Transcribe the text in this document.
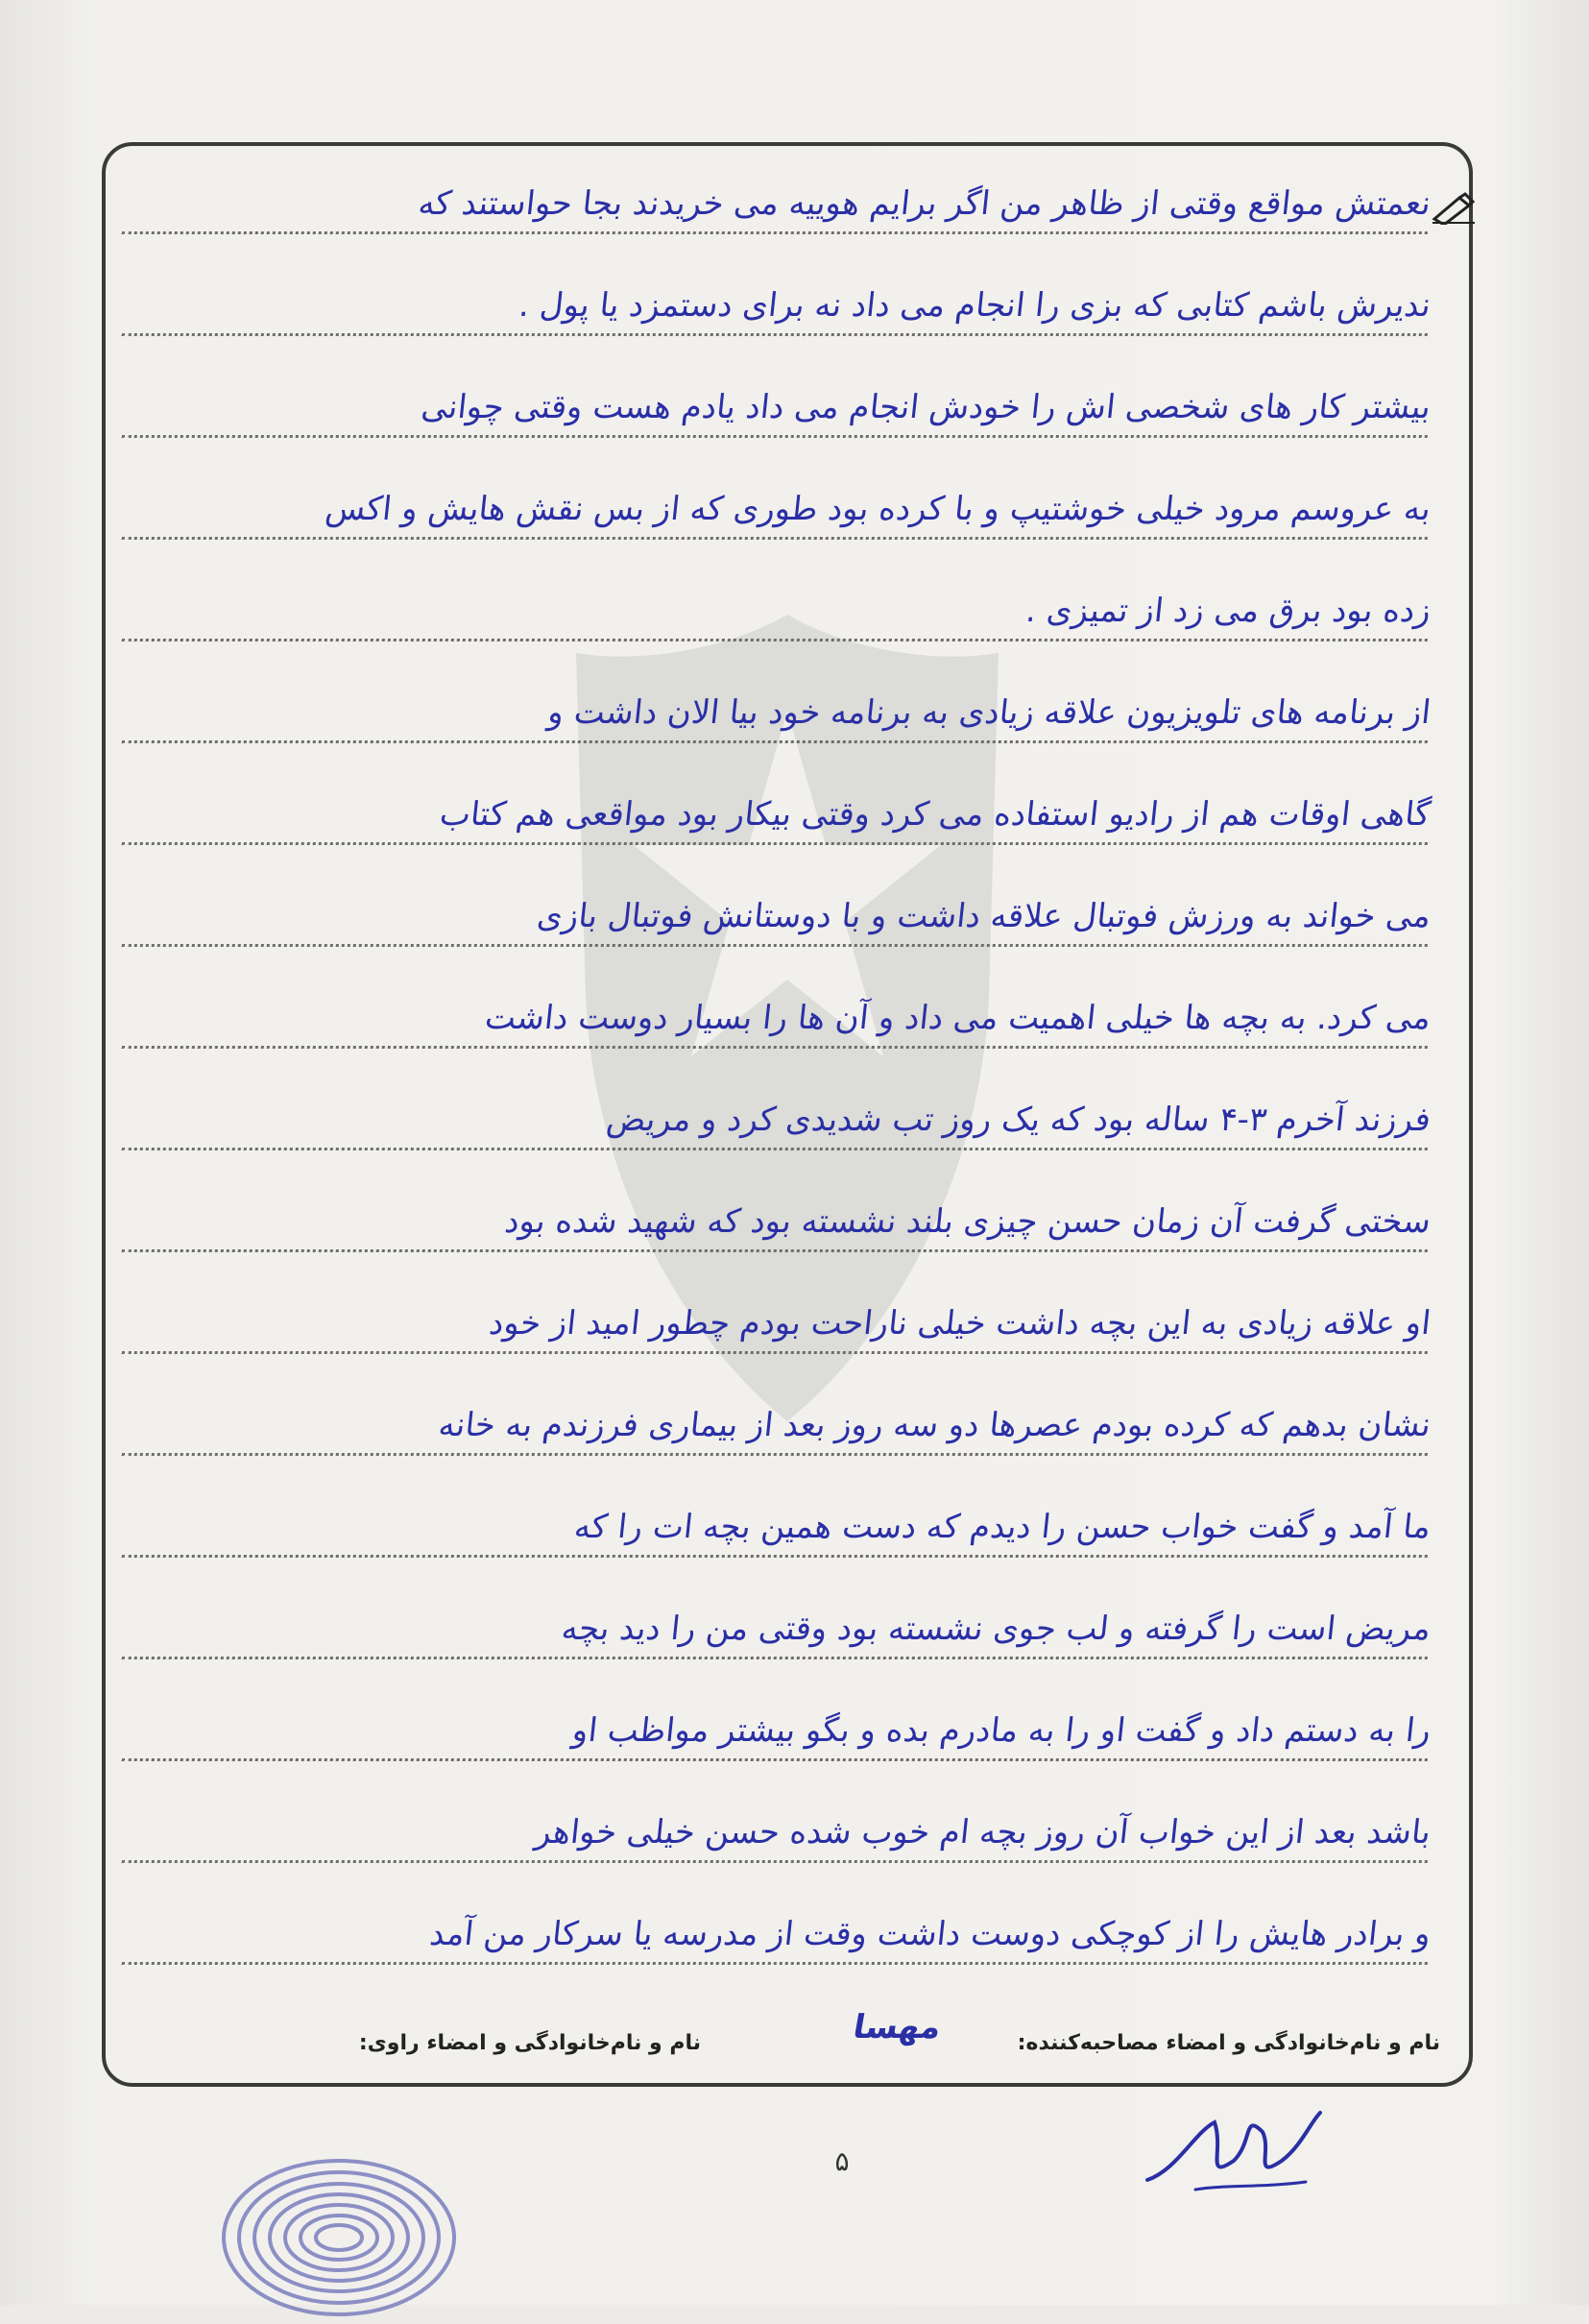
نعمتش مواقع وقتی از ظاهر من اگر برایم هوییه می خریدند بجا حواستند که
ندیرش باشم کتابی که بزی را انجام می داد نه برای دستمزد یا پول .
بیشتر کار های شخصی اش را خودش انجام می داد یادم هست وقتی چوانی
به عروسم مرود خیلی خوشتیپ و با کرده بود طوری که از بس نقش هایش و اکس
زده بود برق می زد از تمیزی .
از برنامه های تلویزیون علاقه زیادی به برنامه خود بیا الان داشت و
گاهی اوقات هم از رادیو استفاده می کرد وقتی بیکار بود مواقعی هم کتاب
می خواند به ورزش فوتبال علاقه داشت و با دوستانش فوتبال بازی
می کرد. به بچه ها خیلی اهمیت می داد و آن ها را بسیار دوست داشت
فرزند آخرم ۳-۴ ساله بود که یک روز تب شدیدی کرد و مریض
سختی گرفت آن زمان حسن چیزی بلند نشسته بود که شهید شده بود
او علاقه زیادی به این بچه داشت خیلی ناراحت بودم چطور امید از خود
نشان بدهم که کرده بودم عصرها دو سه روز بعد از بیماری فرزندم به خانه
ما آمد و گفت خواب حسن را دیدم که دست همین بچه ات را که
مریض است را گرفته و لب جوی نشسته بود وقتی من را دید بچه
را به دستم داد و گفت او را به مادرم بده و بگو بیشتر مواظب او
باشد بعد از این خواب آن روز بچه ام خوب شده حسن خیلی خواهر
و برادر هایش را از کوچکی دوست داشت وقت از مدرسه یا سرکار من آمد
نام و نام‌خانوادگی و امضاء مصاحبه‌کننده:
مهسا
نام و نام‌خانوادگی و امضاء راوی:
۵
